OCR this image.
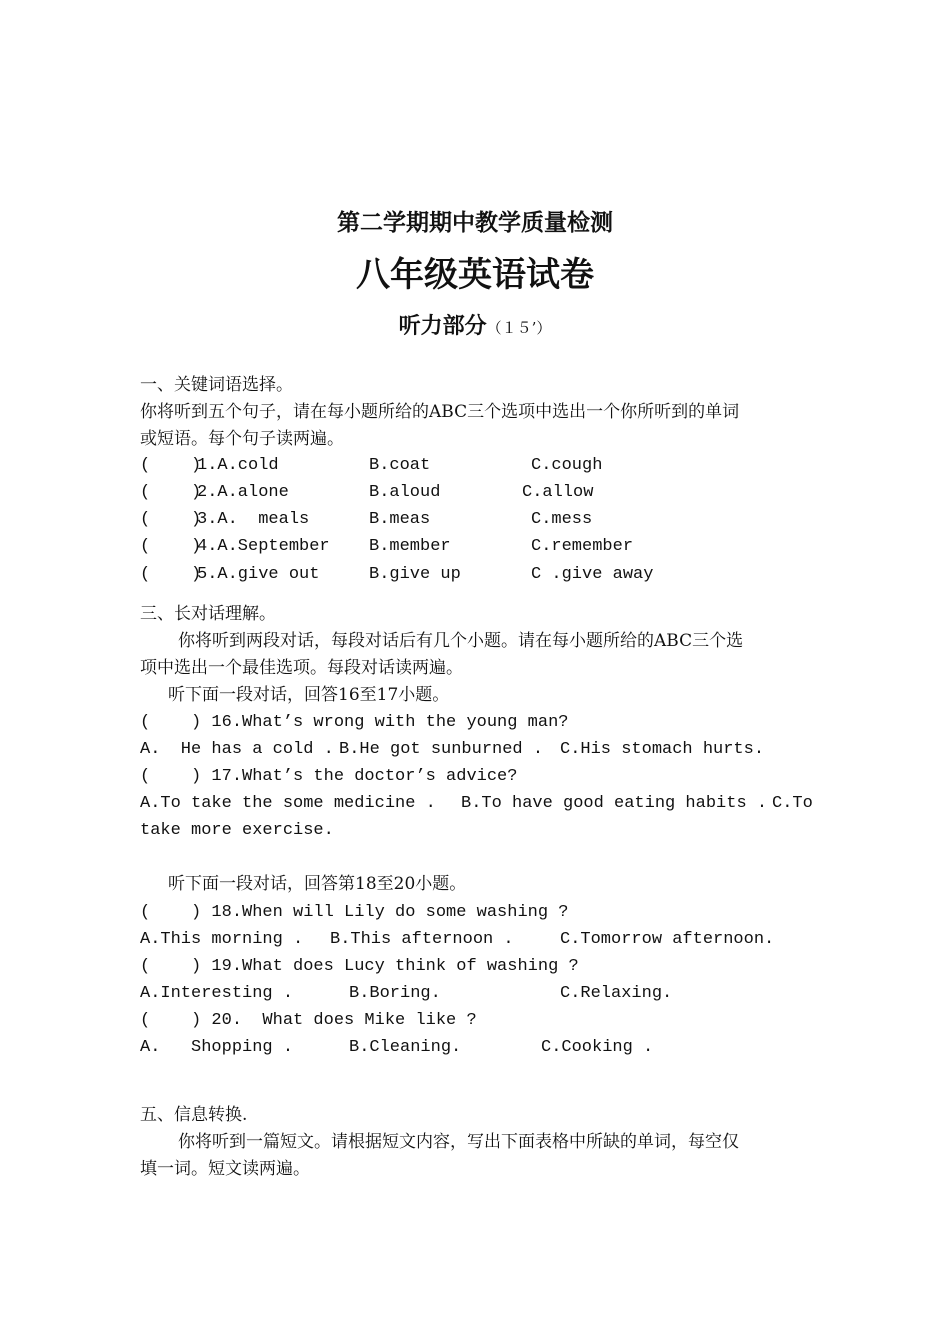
第二学期期中教学质量检测
八年级英语试卷
听力部分（１５’）
一、关键词语选择。
你将听到五个句子，请在每小题所给的ABC三个选项中选出一个你所听到的单词
或短语。每个句子读两遍。
(    )
1.A.cold	B.coat	C.cough
(    )
2.A.alone	B.aloud	C.allow
(    )
3.A.  meals	B.meas	C.mess
(    )
4.A.September B.member	C.remember
(    )
5.A.give out	B.give up	C .give away
三、长对话理解。
你将听到两段对话，每段对话后有几个小题。请在每小题所给的ABC三个选
项中选出一个最佳选项。每段对话读两遍。
听下面一段对话，回答16至17小题。
(    ) 16.What’s wrong with the young man?
A.  He has a cold . B.He got sunburned . C.His stomach hurts.
(    ) 17.What’s the doctor’s advice?
A.To take the some medicine . B.To have good eating habits . C.To
take more exercise.
听下面一段对话，回答第18至20小题。
(    ) 18.When will Lily do some washing ?
A.This morning . B.This afternoon .	C.Tomorrow afternoon.
(    ) 19.What does Lucy think of washing ?
A.Interesting .	B.Boring.	C.Relaxing.
(    ) 20.  What does Mike like ?
A.   Shopping .	B.Cleaning.	C.Cooking .
五、信息转换.
你将听到一篇短文。请根据短文内容，写出下面表格中所缺的单词，每空仅
填一词。短文读两遍。
